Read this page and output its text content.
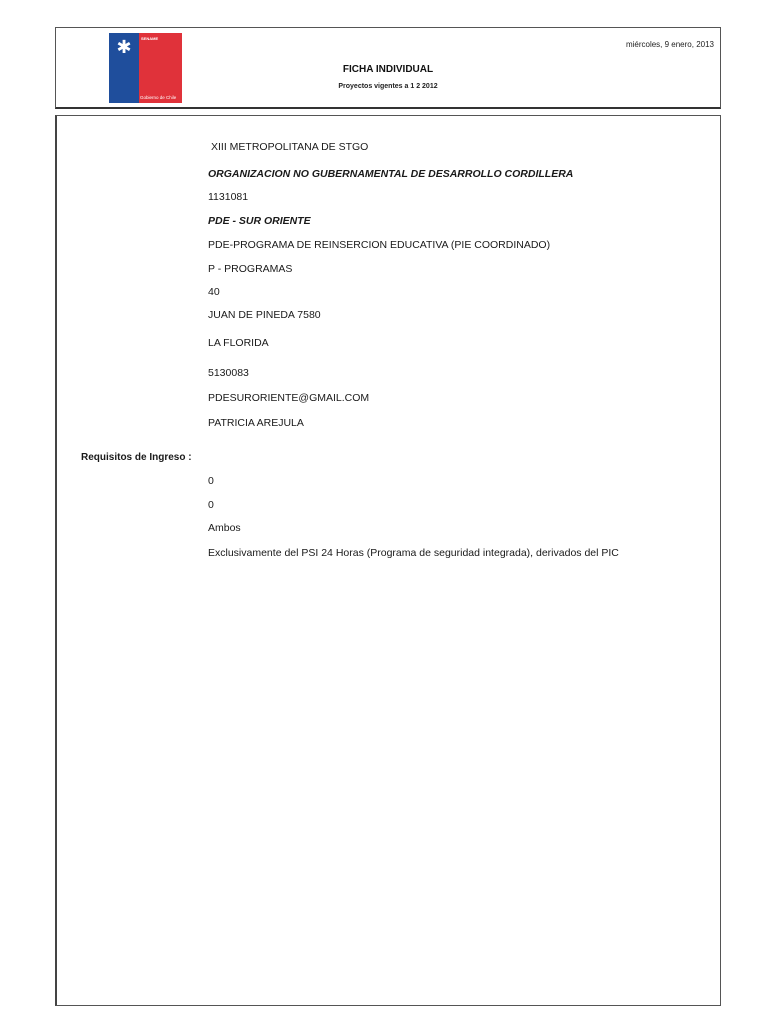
✱	SENAME
Gobierno de Chile
miércoles, 9 enero, 2013
FICHA INDIVIDUAL
Proyectos vigentes a 1 2 2012
XIII METROPOLITANA DE STGO
ORGANIZACION NO GUBERNAMENTAL DE DESARROLLO CORDILLERA
1131081
PDE - SUR ORIENTE
PDE-PROGRAMA DE REINSERCION EDUCATIVA (PIE COORDINADO)
P - PROGRAMAS
40
JUAN DE PINEDA 7580
LA FLORIDA
5130083
PDESURORIENTE@GMAIL.COM
PATRICIA AREJULA
Requisitos de Ingreso :
0
0
Ambos
Exclusivamente del PSI 24 Horas (Programa de seguridad integrada), derivados del PIC
